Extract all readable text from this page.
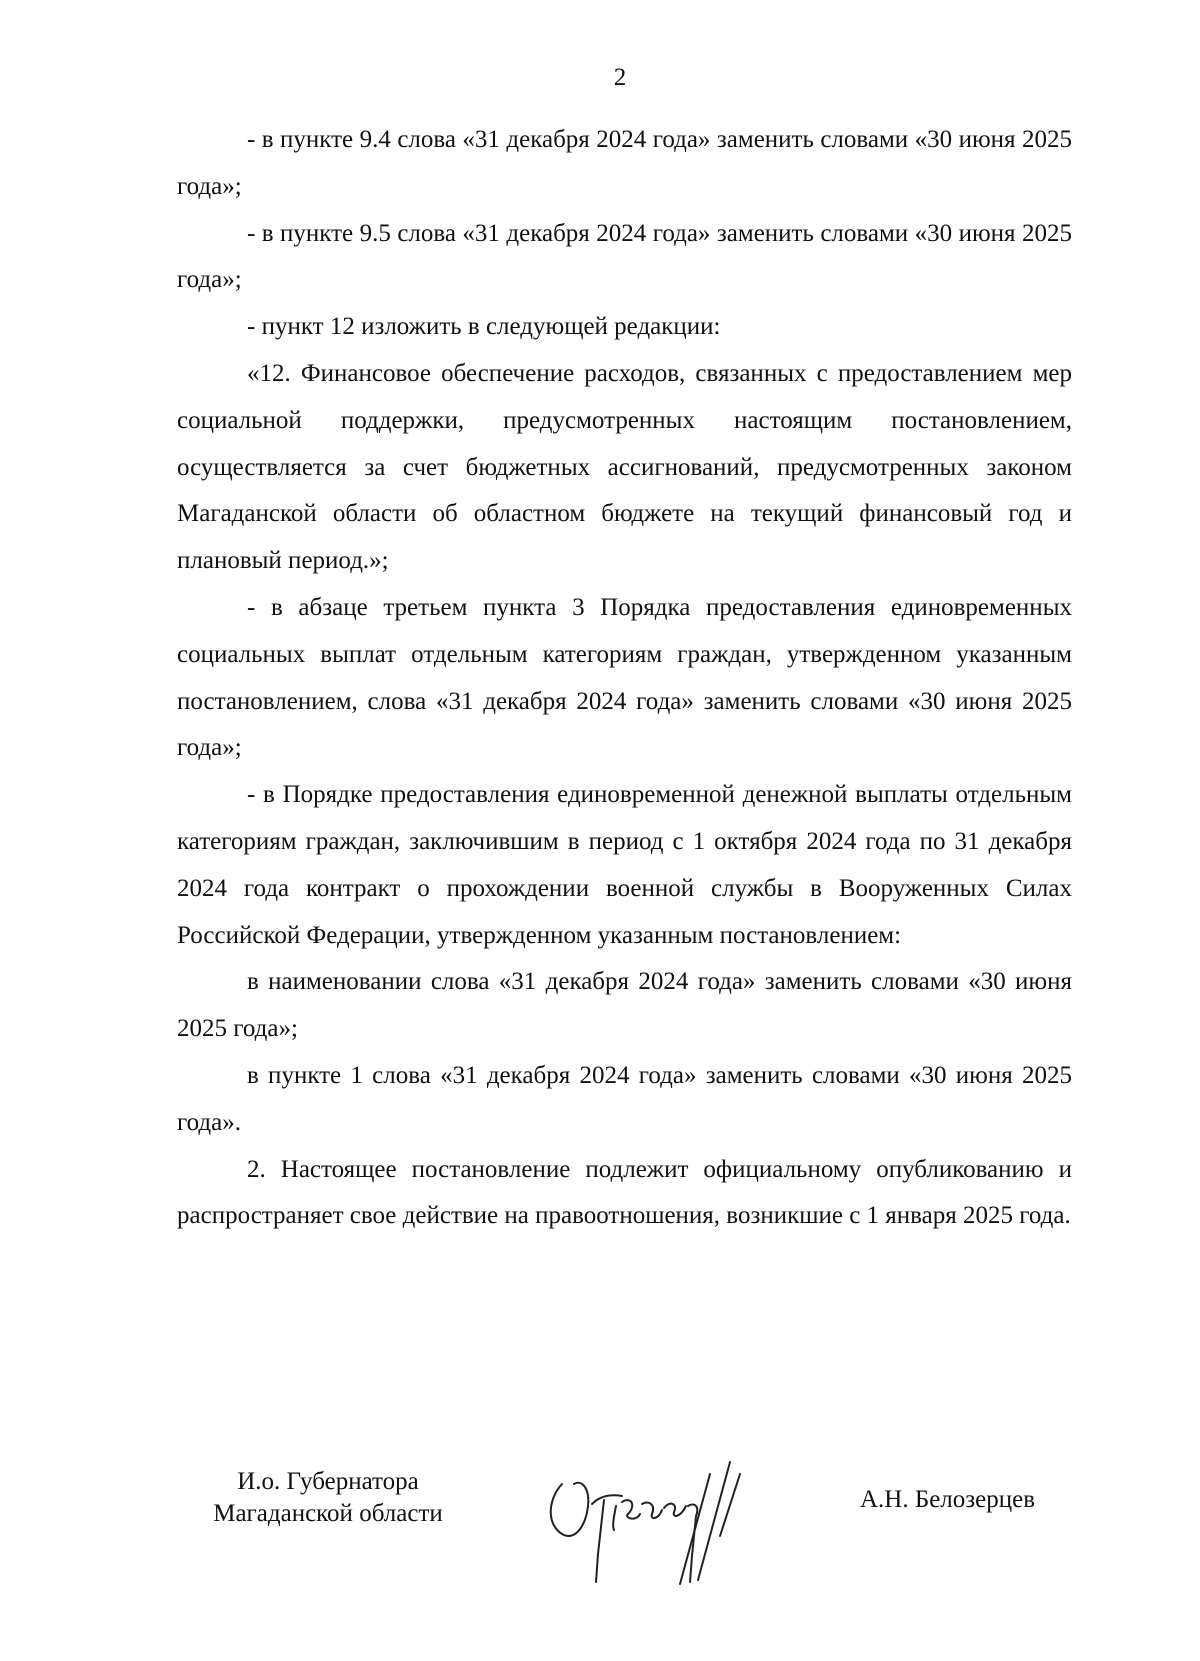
2

- в пункте 9.4 слова «31 декабря 2024 года» заменить словами «30 июня 2025 года»;

- в пункте 9.5 слова «31 декабря 2024 года» заменить словами «30 июня 2025 года»;

- пункт 12 изложить в следующей редакции:

«12. Финансовое обеспечение расходов, связанных с предоставлением мер социальной поддержки, предусмотренных настоящим постановлением, осуществляется за счет бюджетных ассигнований, предусмотренных законом Магаданской области об областном бюджете на текущий финансовый год и плановый период.»;

- в абзаце третьем пункта 3 Порядка предоставления единовременных социальных выплат отдельным категориям граждан, утвержденном указанным постановлением, слова «31 декабря 2024 года» заменить словами «30 июня 2025 года»;

- в Порядке предоставления единовременной денежной выплаты отдельным категориям граждан, заключившим в период с 1 октября 2024 года по 31 декабря 2024 года контракт о прохождении военной службы в Вооруженных Силах Российской Федерации, утвержденном указанным постановлением:

в наименовании слова «31 декабря 2024 года» заменить словами «30 июня 2025 года»;

в пункте 1 слова «31 декабря 2024 года» заменить словами «30 июня 2025 года».

2. Настоящее постановление подлежит официальному опубликованию и распространяет свое действие на правоотношения, возникшие с 1 января 2025 года.

И.о. Губернатора
Магаданской области
А.Н. Белозерцев
